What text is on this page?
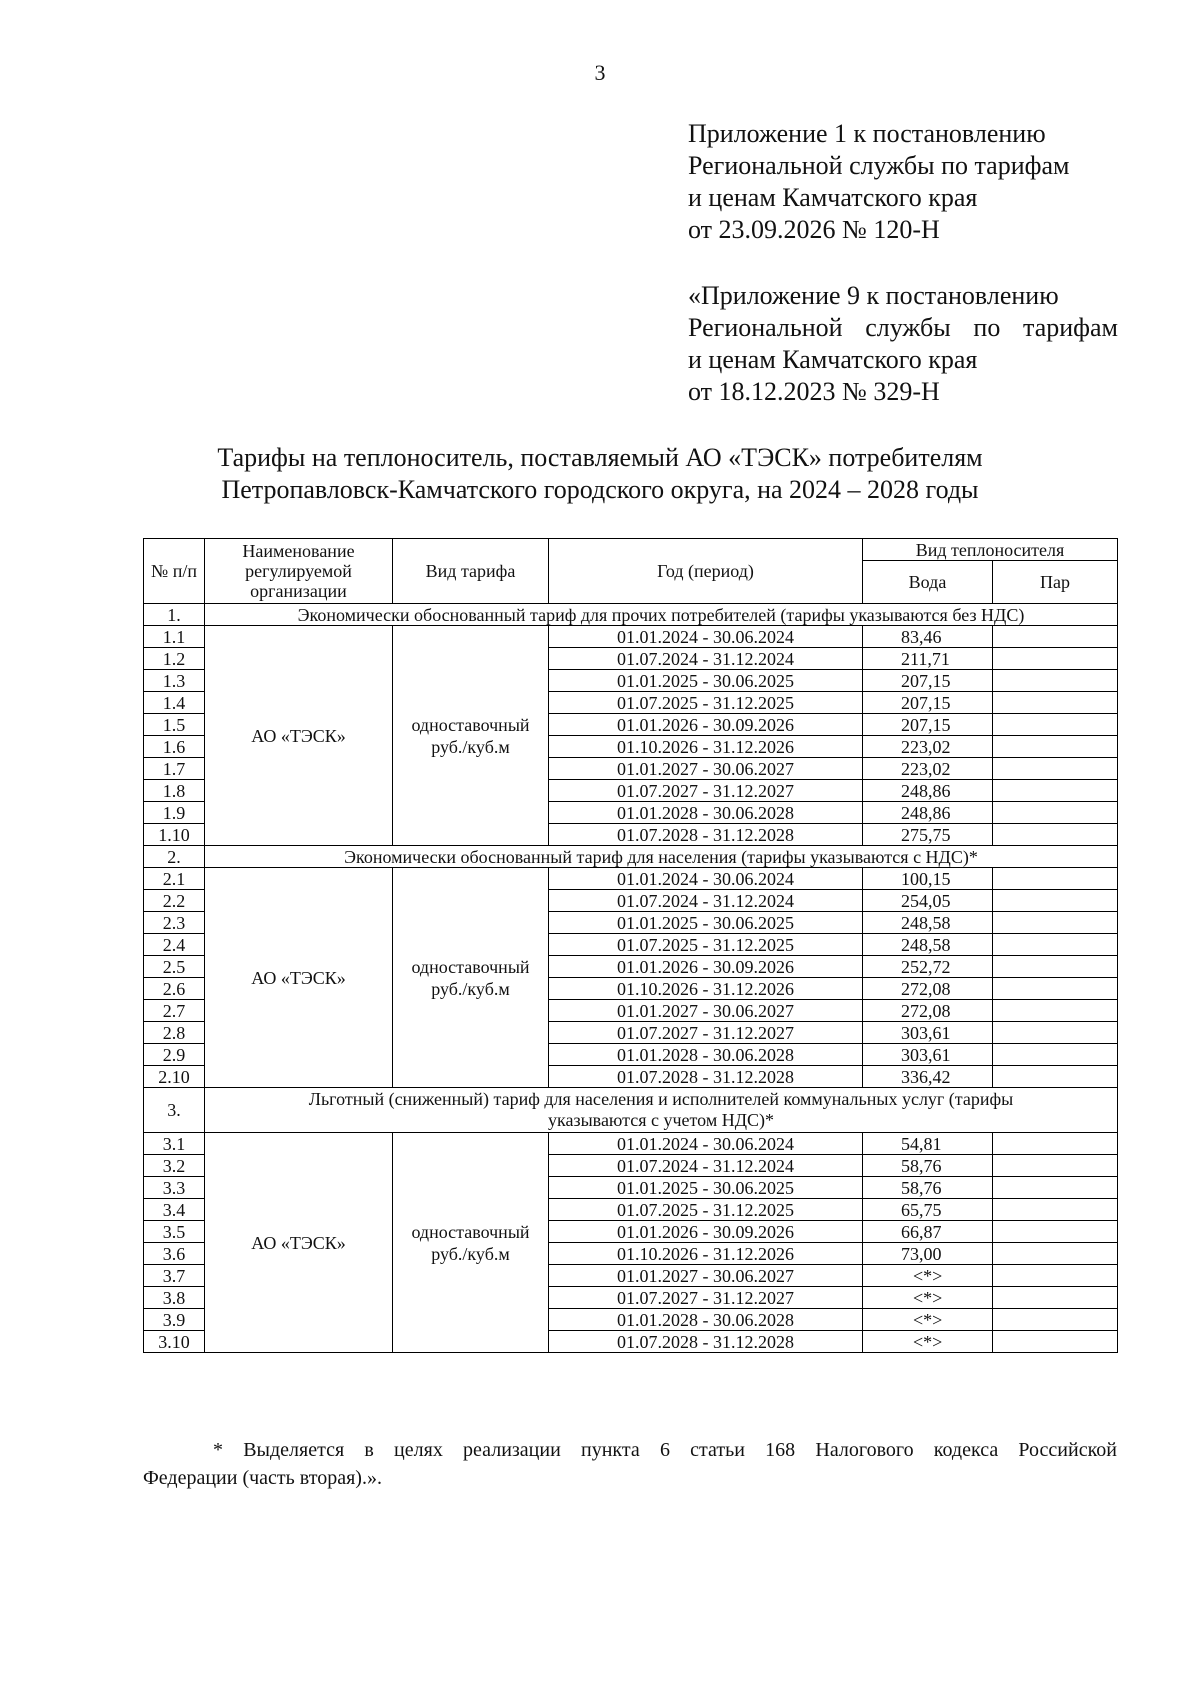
3
Приложение 1 к постановлению
Региональной службы по тарифам
и ценам Камчатского края
от 23.09.2026 № 120-Н
«Приложение 9 к постановлению
Региональной службы по тарифам
и ценам Камчатского края
от 18.12.2023 № 329-Н
Тарифы на теплоноситель, поставляемый АО «ТЭСК» потребителям
Петропавловск-Камчатского городского округа, на 2024 – 2028 годы
№ п/п	Наименование регулируемой организации	Вид тарифа	Год (период)	Вид теплоносителя	
				Вода	Пар
1.	Экономически обоснованный тариф для прочих потребителей (тарифы указываются без НДС)				
1.1	АО «ТЭСК»	одноставочный руб./куб.м	01.01.2024 - 30.06.2024	83,46	
1.2			01.07.2024 - 31.12.2024	211,71	
1.3			01.01.2025 - 30.06.2025	207,15	
1.4			01.07.2025 - 31.12.2025	207,15	
1.5			01.01.2026 - 30.09.2026	207,15	
1.6			01.10.2026 - 31.12.2026	223,02	
1.7			01.01.2027 - 30.06.2027	223,02	
1.8			01.07.2027 - 31.12.2027	248,86	
1.9			01.01.2028 - 30.06.2028	248,86	
1.10			01.07.2028 - 31.12.2028	275,75	
2.	Экономически обоснованный тариф для населения (тарифы указываются с НДС)*				
2.1	АО «ТЭСК»	одноставочный руб./куб.м	01.01.2024 - 30.06.2024	100,15	
2.2			01.07.2024 - 31.12.2024	254,05	
2.3			01.01.2025 - 30.06.2025	248,58	
2.4			01.07.2025 - 31.12.2025	248,58	
2.5			01.01.2026 - 30.09.2026	252,72	
2.6			01.10.2026 - 31.12.2026	272,08	
2.7			01.01.2027 - 30.06.2027	272,08	
2.8			01.07.2027 - 31.12.2027	303,61	
2.9			01.01.2028 - 30.06.2028	303,61	
2.10			01.07.2028 - 31.12.2028	336,42	
3.	Льготный (сниженный) тариф для населения и исполнителей коммунальных услуг (тарифы указываются с учетом НДС)*				
3.1	АО «ТЭСК»	одноставочный руб./куб.м	01.01.2024 - 30.06.2024	54,81	
3.2			01.07.2024 - 31.12.2024	58,76	
3.3			01.01.2025 - 30.06.2025	58,76	
3.4			01.07.2025 - 31.12.2025	65,75	
3.5			01.01.2026 - 30.09.2026	66,87	
3.6			01.10.2026 - 31.12.2026	73,00	
3.7			01.01.2027 - 30.06.2027	<*>	
3.8			01.07.2027 - 31.12.2027	<*>	
3.9			01.01.2028 - 30.06.2028	<*>	
3.10			01.07.2028 - 31.12.2028	<*>	
* Выделяется в целях реализации пункта 6 статьи 168 Налогового кодекса Российской
Федерации (часть вторая).».
